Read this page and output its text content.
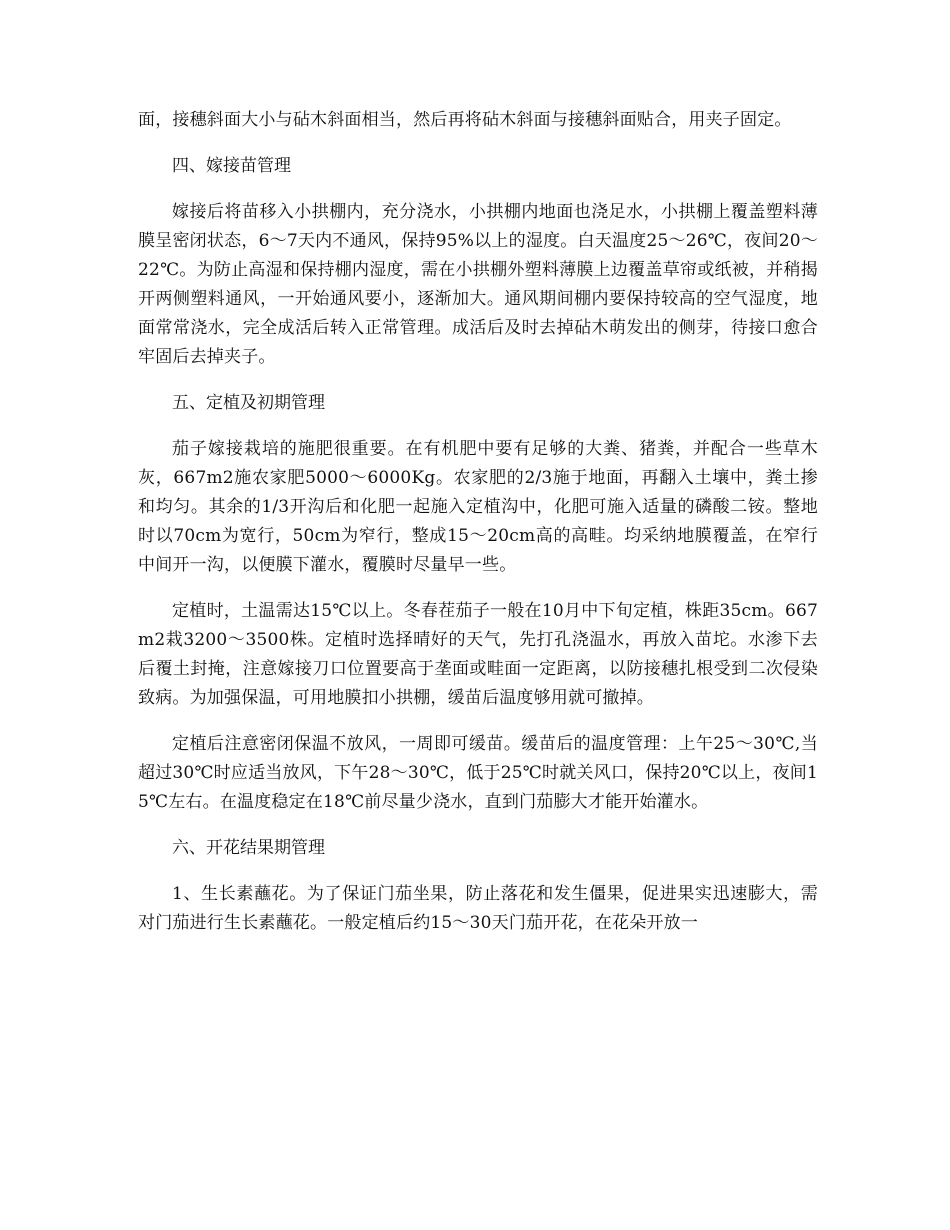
面，接穗斜面大小与砧木斜面相当，然后再将砧木斜面与接穗斜面贴合，用夹子固定。

四、嫁接苗管理

嫁接后将苗移入小拱棚内，充分浇水，小拱棚内地面也浇足水，小拱棚上覆盖塑料薄膜呈密闭状态，6～7天内不通风，保持95%以上的湿度。白天温度25～26℃，夜间20～22℃。为防止高湿和保持棚内湿度，需在小拱棚外塑料薄膜上边覆盖草帘或纸被，并稍揭开两侧塑料通风，一开始通风要小，逐渐加大。通风期间棚内要保持较高的空气湿度，地面常常浇水，完全成活后转入正常管理。成活后及时去掉砧木萌发出的侧芽，待接口愈合牢固后去掉夹子。

五、定植及初期管理

茄子嫁接栽培的施肥很重要。在有机肥中要有足够的大粪、猪粪，并配合一些草木灰，667m2施农家肥5000～6000Kg。农家肥的2/3施于地面，再翻入土壤中，粪土掺和均匀。其余的1/3开沟后和化肥一起施入定植沟中，化肥可施入适量的磷酸二铵。整地时以70cm为宽行，50cm为窄行，整成15～20cm高的高畦。均采纳地膜覆盖，在窄行中间开一沟，以便膜下灌水，覆膜时尽量早一些。

定植时，土温需达15℃以上。冬春茬茄子一般在10月中下旬定植，株距35cm。667m2栽3200～3500株。定植时选择晴好的天气，先打孔浇温水，再放入苗坨。水渗下去后覆土封掩，注意嫁接刀口位置要高于垄面或畦面一定距离，以防接穗扎根受到二次侵染致病。为加强保温，可用地膜扣小拱棚，缓苗后温度够用就可撤掉。

定植后注意密闭保温不放风，一周即可缓苗。缓苗后的温度管理：上午25～30℃,当超过30℃时应适当放风，下午28～30℃，低于25℃时就关风口，保持20℃以上，夜间15℃左右。在温度稳定在18℃前尽量少浇水，直到门茄膨大才能开始灌水。

六、开花结果期管理

1、生长素蘸花。为了保证门茄坐果，防止落花和发生僵果，促进果实迅速膨大，需对门茄进行生长素蘸花。一般定植后约15～30天门茄开花，在花朵开放一
